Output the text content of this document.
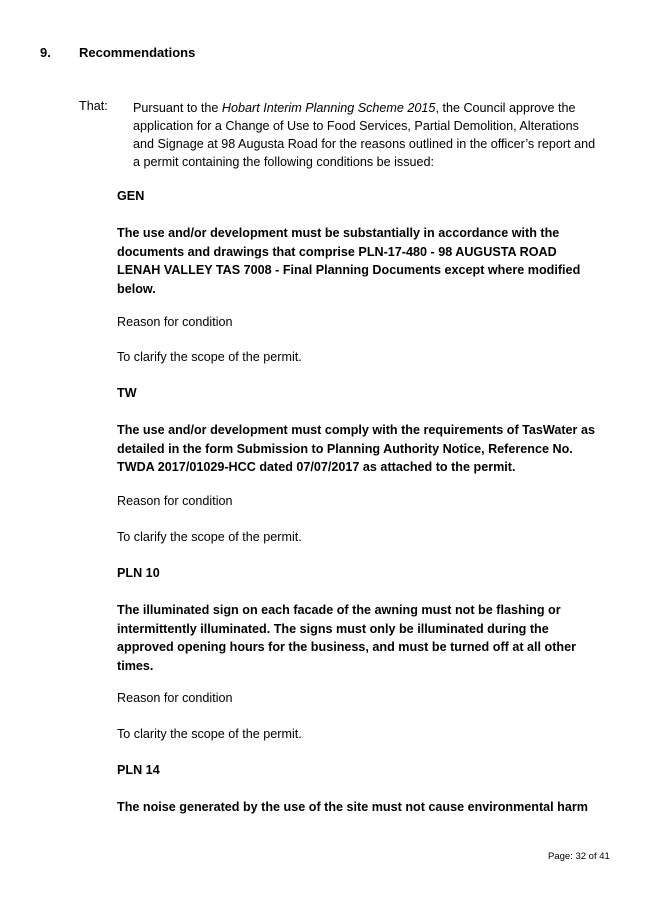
9. Recommendations
That: Pursuant to the Hobart Interim Planning Scheme 2015, the Council approve the application for a Change of Use to Food Services, Partial Demolition, Alterations and Signage at 98 Augusta Road for the reasons outlined in the officer’s report and a permit containing the following conditions be issued:
GEN
The use and/or development must be substantially in accordance with the documents and drawings that comprise PLN-17-480 - 98 AUGUSTA ROAD LENAH VALLEY TAS 7008 - Final Planning Documents except where modified below.
Reason for condition
To clarify the scope of the permit.
TW
The use and/or development must comply with the requirements of TasWater as detailed in the form Submission to Planning Authority Notice, Reference No. TWDA 2017/01029-HCC dated 07/07/2017 as attached to the permit.
Reason for condition
To clarify the scope of the permit.
PLN 10
The illuminated sign on each facade of the awning must not be flashing or intermittently illuminated. The signs must only be illuminated during the approved opening hours for the business, and must be turned off at all other times.
Reason for condition
To clarity the scope of the permit.
PLN 14
The noise generated by the use of the site must not cause environmental harm
Page: 32 of 41
